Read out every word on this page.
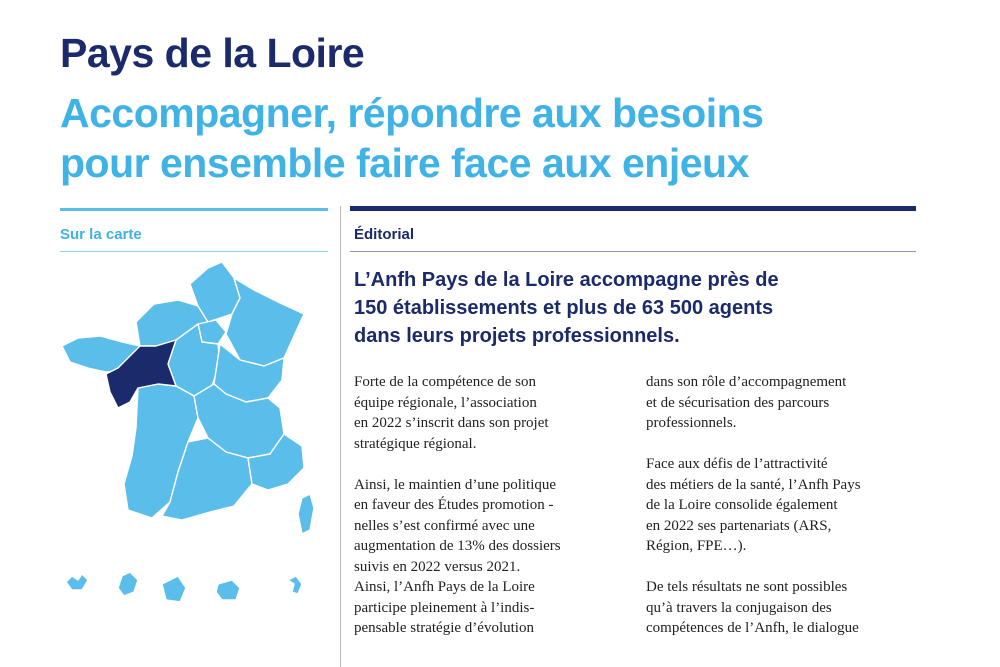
Pays de la Loire
Accompagner, répondre aux besoins
pour ensemble faire face aux enjeux
Sur la carte	Éditorial
L’Anfh Pays de la Loire accompagne près de
150 établissements et plus de 63 500 agents
dans leurs projets professionnels.
Forte de la compétence de son
équipe régionale, l’association
en 2022 s’inscrit dans son projet
stratégique régional.
Ainsi, le maintien d’une politique
en faveur des Études promotion -
nelles s’est confirmé avec une
augmentation de 13% des dossiers
suivis en 2022 versus 2021.
Ainsi, l’Anfh Pays de la Loire
participe pleinement à l’indis-
pensable stratégie d’évolution
dans son rôle d’accompagnement
et de sécurisation des parcours
professionnels.
Face aux défis de l’attractivité
des métiers de la santé, l’Anfh Pays
de la Loire consolide également
en 2022 ses partenariats (ARS,
Région, FPE…).
De tels résultats ne sont possibles
qu’à travers la conjugaison des
compétences de l’Anfh, le dialogue
